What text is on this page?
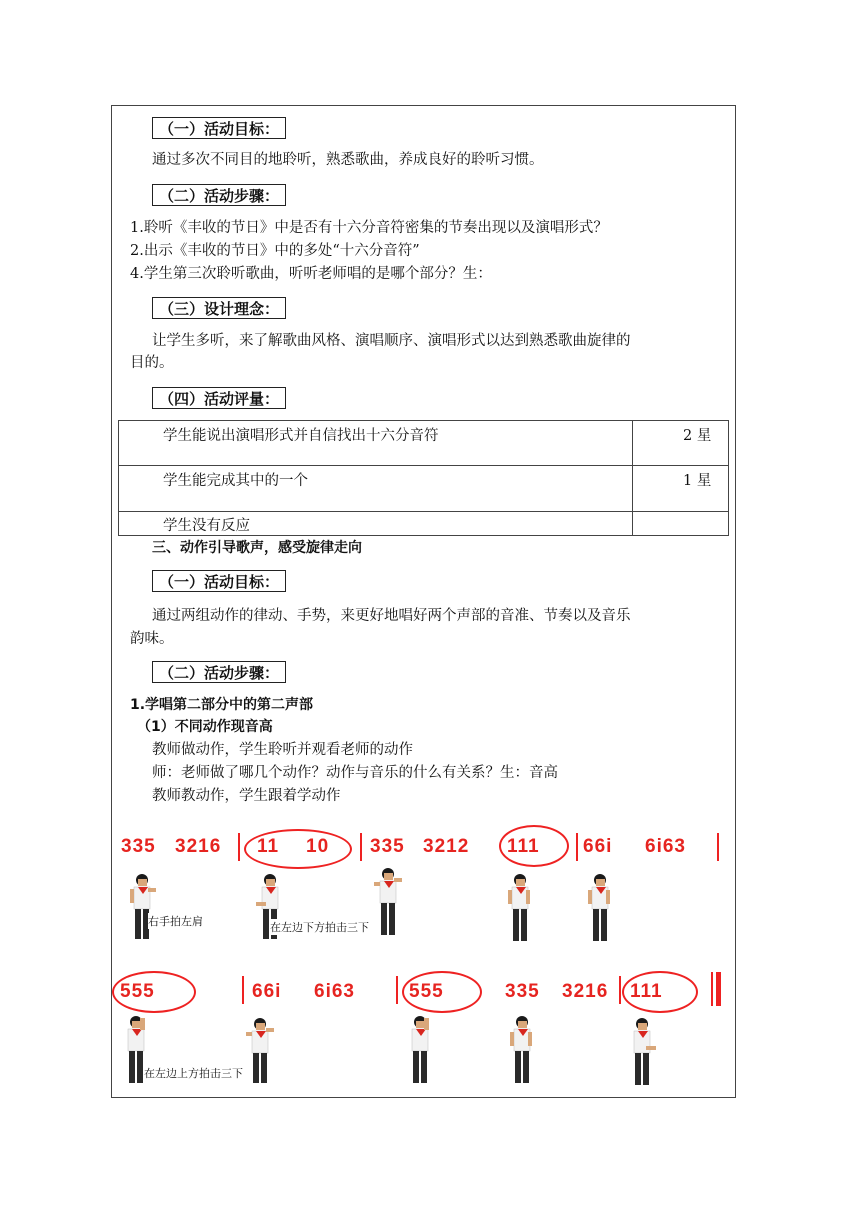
（一）活动目标：
通过多次不同目的地聆听，熟悉歌曲，养成良好的聆听习惯。
（二）活动步骤：
1.聆听《丰收的节日》中是否有十六分音符密集的节奏出现以及演唱形式？
2.出示《丰收的节日》中的多处“十六分音符”
4.学生第三次聆听歌曲，听听老师唱的是哪个部分？生：
（三）设计理念：
让学生多听，来了解歌曲风格、演唱顺序、演唱形式以达到熟悉歌曲旋律的
目的。
（四）活动评量：
学生能说出演唱形式并自信找出十六分音符	2 星
学生能完成其中的一个	1 星
学生没有反应	
三、动作引导歌声，感受旋律走向
（一）活动目标：
通过两组动作的律动、手势，来更好地唱好两个声部的音准、节奏以及音乐
韵味。
（二）活动步骤：
1.学唱第二部分中的第二声部
（1）不同动作现音高
教师做动作，学生聆听并观看老师的动作
师：老师做了哪几个动作？动作与音乐的什么有关系？生：音高
教师教动作，学生跟着学动作
335 3216 11 10 335 3212 111 66i 6i63
右手拍左肩	在左边下方拍击三下
555	66i 6i63	555	335 3216 111
在左边上方拍击三下
